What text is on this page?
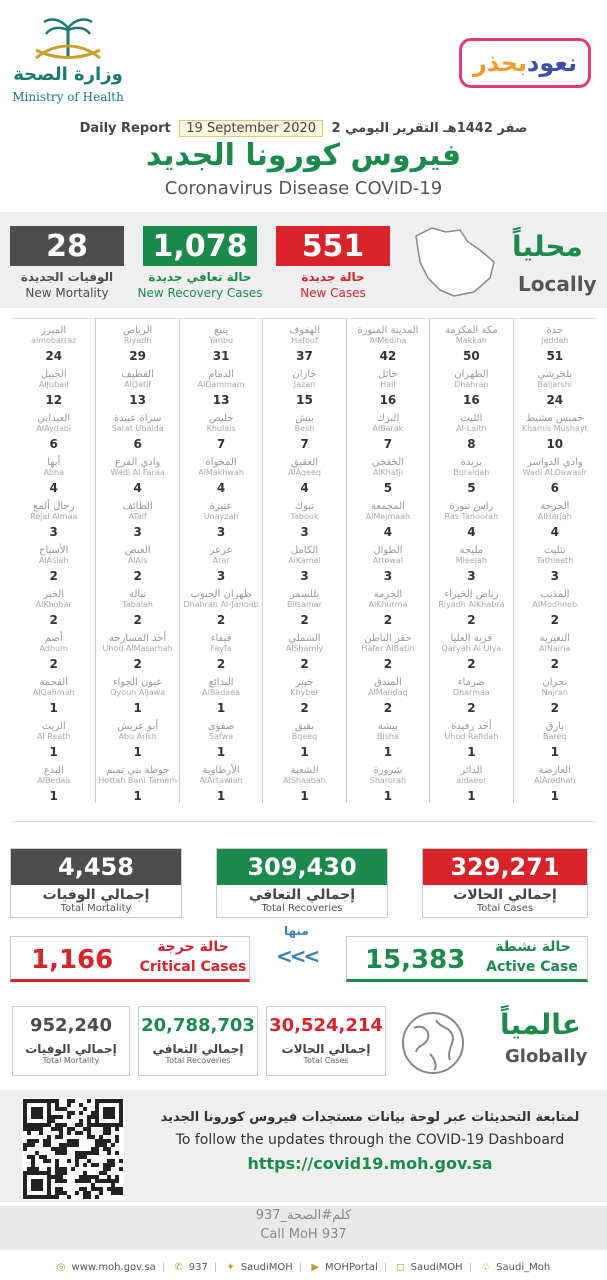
وزارة الصحة
Ministry of Health
بحذر نعود
Daily Report 19 September 2020 2 صفر 1442هـ التقرير اليومي
فيروس كورونا الجديد
Coronavirus Disease COVID-19
28
الوفيات الجديدة
New Mortality
1,078
حالة تعافي جديدة
New Recovery Cases
551
حالة جديدة
New Cases
محلياً
Locally
جدة
Jeddah
51
مكة المكرمة
Makkah
50
المدينة المنورة
AlMedina
42
الهفوف
Hafouf
37
ينبع
Yanbu
31
الرياض
Riyadh
29
المبرز
almobarraz
24
بلجرشي
Baljarshi
24
الظهران
Dhahran
16
حائل
Hail
16
جازان
Jazan
15
الدمام
AlDammam
13
القطيف
AlQatif
13
الجبيل
AlJubail
12
خميس مشيط
Khamis Mushayt
10
الليث
Al-Laith
8
البرك
AlBarak
7
بيش
Besh
7
خليص
Khulais
7
سراة عبيدة
Sarat Ubaida
6
العيدابي
AlAydabi
6
وادي الدواسر
Wadi ALDawasir
6
بريدة
Buraidah
5
الخفجي
AlKhafji
5
العقيق
AlAqeeq
4
المخواة
AlMakhwah
4
وادي الفرع
Wadi Al Faraa
4
أبها
Abha
4
الحرجة
AlHarjah
4
راس تنورة
Ras Tanoorah
4
المجمعة
AlMajmaah
4
تبوك
Tabouk
3
عنيزة
Unayzah
3
الطائف
ATaif
3
رجال ألمع
Rejal Almaa
3
تثليث
Tathleeth
3
مليجة
Mleejah
3
الطوال
Attowal
3
الكامل
AlKamel
3
عرعر
Arar
3
العيص
AlAis
2
الأسياح
AlAsiah
2
المذنب
AlModhneb
2
رياض الخبراء
Riyadh AlKhabra
2
الخرمة
AlKhurma
2
بللسمر
Bllsamar
2
ظهران الجنوب
Dhahran Al-Janoab
2
تبالة
Tabalah
2
الخبر
AlKhobar
2
النعيرية
AlNairia
2
قرية العليا
Qaryah Al Ulya
2
حفر الباطن
Hafer AlBatin
2
الشملي
AlShamly
2
فيفاء
Fayfa
2
أحد المسارحة
Uhod AlMasarhah
2
أضم
Adhum
2
نجران
Najran
2
ضرماء
Dharmaa
2
المندق
AlMandaq
2
خيبر
Khyber
2
البدائع
AlBadaea
1
عيون الجواء
Oyoun AlJawa
1
القحمة
AlQahmah
1
بارق
Bareq
1
أحد رفيدة
Uhod Rafidah
1
بيشة
Bisha
1
بقيق
Bqeeq
1
صفوى
Safwa
1
أبو عريش
Abu Arish
1
الريث
Al Reath
1
العارضة
AlAredhah
1
الدائر
aldaeer
1
شرورة
Sharorah
1
الشعبة
AlShaabah
1
الأرطاوية
AlArtawiah
1
حوطة بني تميم
Hottah Bani Tamem
1
البدع
AlBedaa
1
4,458
إجمالي الوفيات
Total Mortality
309,430
إجمالي التعافي
Total Recoveries
329,271
إجمالي الحالات
Total Cases
1,166	حالة حرجة
Critical Cases
منها
<<< 15,383	حالة نشطة
Active Case
952,240
إجمالي الوفيات
Total Mortality
20,788,703
إجمالي التعافي
Total Recoveries
30,524,214
إجمالي الحالات
Total Cases
عالمياً
Globally
لمتابعة التحديثات عبر لوحة بيانات مستجدات فيروس كورونا الجديد
To follow the updates through the COVID-19 Dashboard
https://covid19.moh.gov.sa
كلم#الصحة_937
Call MoH 937
◎ www.moh.gov.sa | ✆ 937 | ✦ SaudiMOH | ▶ MOHPortal | ◻ SaudiMOH | ♧ Saudi_Moh
